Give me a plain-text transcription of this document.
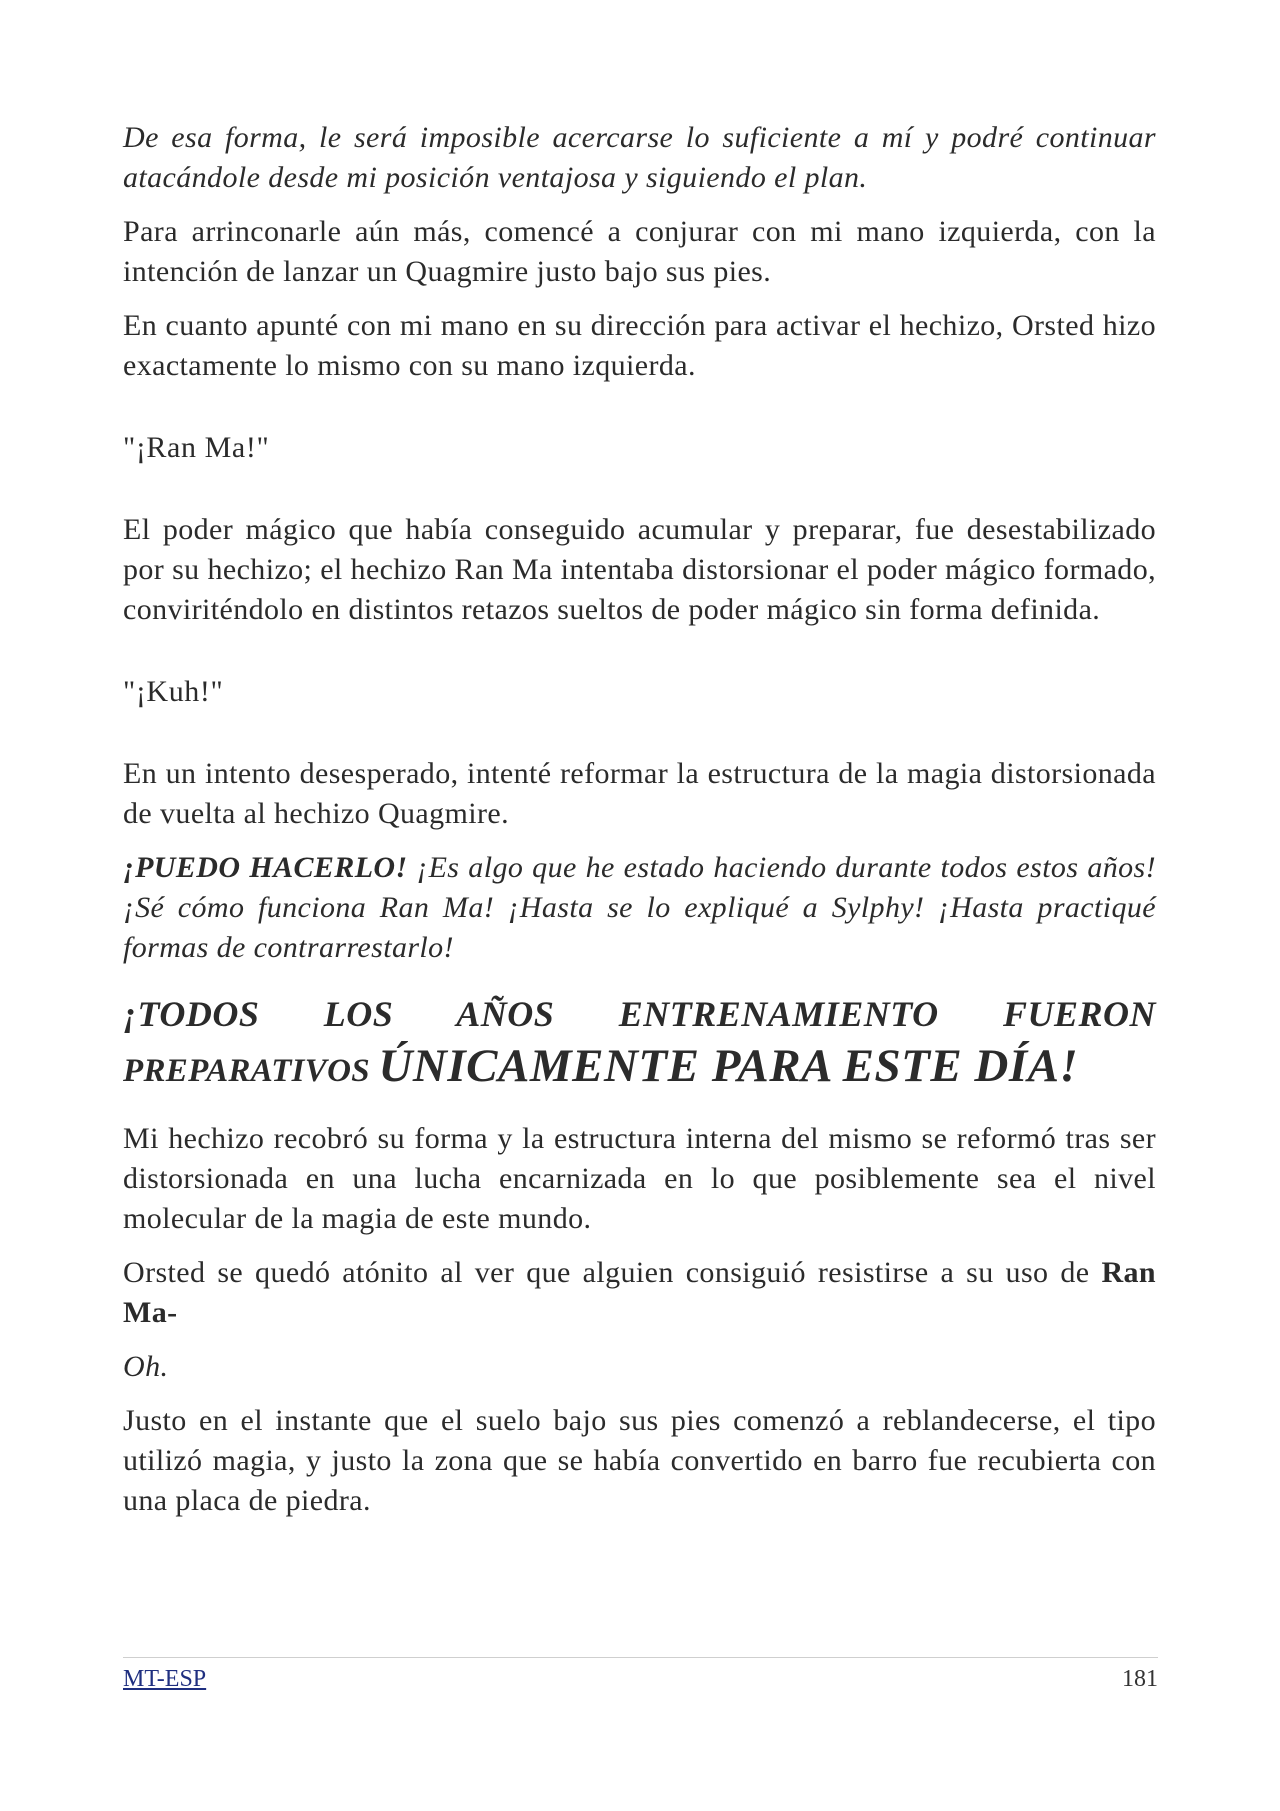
De esa forma, le será imposible acercarse lo suficiente a mí y podré continuar atacándole desde mi posición ventajosa y siguiendo el plan.

Para arrinconarle aún más, comencé a conjurar con mi mano izquierda, con la intención de lanzar un Quagmire justo bajo sus pies.

En cuanto apunté con mi mano en su dirección para activar el hechizo, Orsted hizo exactamente lo mismo con su mano izquierda.

"¡Ran Ma!"

El poder mágico que había conseguido acumular y preparar, fue desestabilizado por su hechizo; el hechizo Ran Ma intentaba distorsionar el poder mágico formado, conviriténdolo en distintos retazos sueltos de poder mágico sin forma definida.

"¡Kuh!"

En un intento desesperado, intenté reformar la estructura de la magia distorsionada de vuelta al hechizo Quagmire.

¡PUEDO HACERLO! ¡Es algo que he estado haciendo durante todos estos años! ¡Sé cómo funciona Ran Ma! ¡Hasta se lo expliqué a Sylphy! ¡Hasta practiqué formas de contrarrestarlo!

¡TODOS LOS AÑOS ENTRENAMIENTO FUERON
PREPARATIVOS ÚNICAMENTE PARA ESTE DÍA!

Mi hechizo recobró su forma y la estructura interna del mismo se reformó tras ser distorsionada en una lucha encarnizada en lo que posiblemente sea el nivel molecular de la magia de este mundo.

Orsted se quedó atónito al ver que alguien consiguió resistirse a su uso de Ran Ma-

Oh.

Justo en el instante que el suelo bajo sus pies comenzó a reblandecerse, el tipo utilizó magia, y justo la zona que se había convertido en barro fue recubierta con una placa de piedra.

MT-ESP	181
